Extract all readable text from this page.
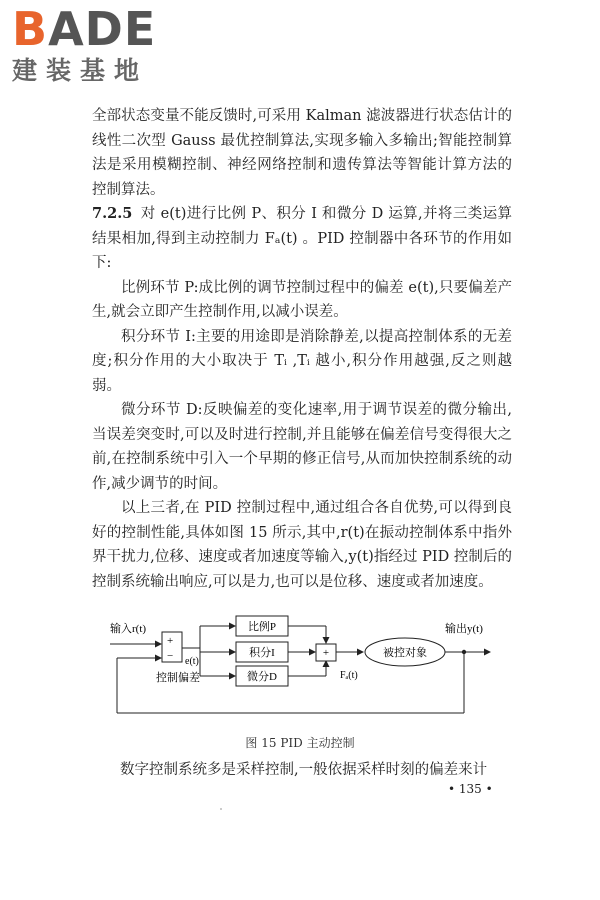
BADE
建装基地

全部状态变量不能反馈时,可采用 Kalman 滤波器进行状态估计的线性二次型 Gauss 最优控制算法,实现多输入多输出;智能控制算法是采用模糊控制、神经网络控制和遗传算法等智能计算方法的控制算法。

7.2.5 对 e(t)进行比例 P、积分 I 和微分 D 运算,并将三类运算结果相加,得到主动控制力 Fₐ(t) 。PID 控制器中各环节的作用如下:

比例环节 P:成比例的调节控制过程中的偏差 e(t),只要偏差产生,就会立即产生控制作用,以减小误差。

积分环节 I:主要的用途即是消除静差,以提高控制体系的无差度;积分作用的大小取决于 Tᵢ ,Tᵢ 越小,积分作用越强,反之则越弱。

微分环节 D:反映偏差的变化速率,用于调节误差的微分输出,当误差突变时,可以及时进行控制,并且能够在偏差信号变得很大之前,在控制系统中引入一个早期的修正信号,从而加快控制系统的动作,减少调节的时间。

以上三者,在 PID 控制过程中,通过组合各自优势,可以得到良好的控制性能,具体如图 15 所示,其中,r(t)在振动控制体系中指外界干扰力,位移、速度或者加速度等输入,y(t)指经过 PID 控制后的控制系统输出响应,可以是力,也可以是位移、速度或者加速度。

输入r(t)
+
− e(t)
控制偏差
比例P
积分I
微分D
+
Fₐ(t)
被控对象
输出y(t)
图 15 PID 主动控制
数字控制系统多是采样控制,一般依据采样时刻的偏差来计
• 135 •
